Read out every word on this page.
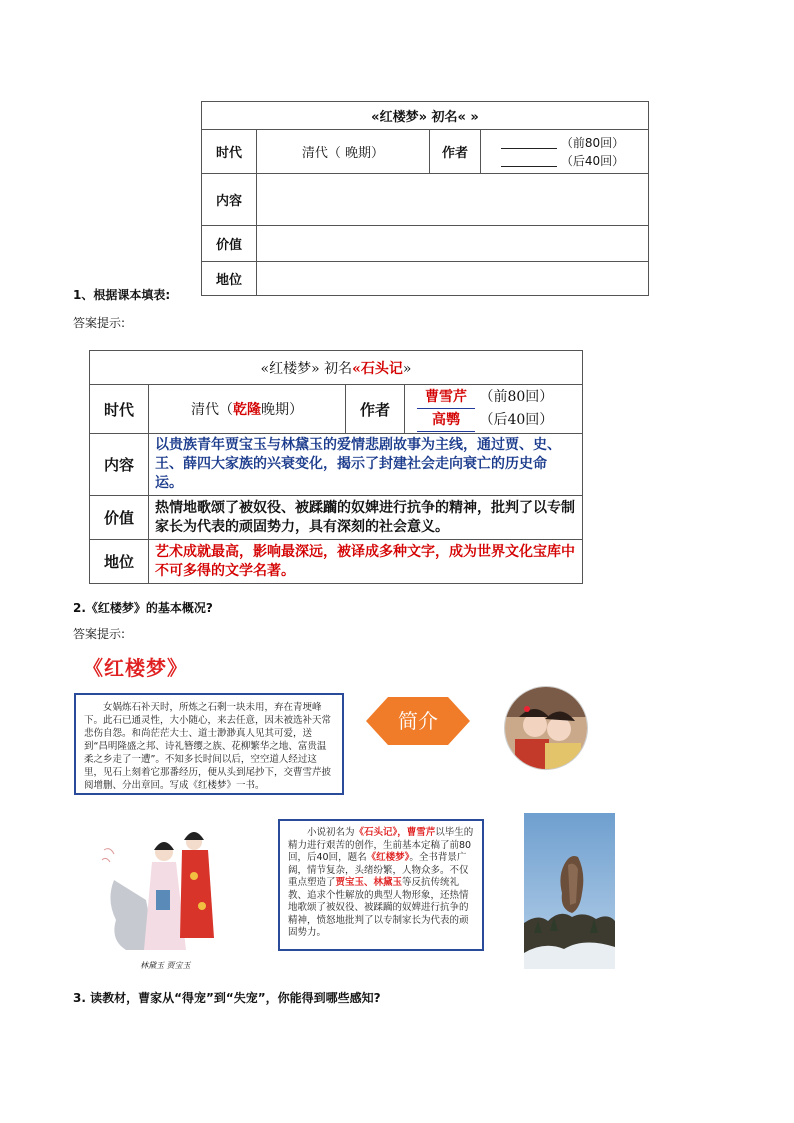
«红楼梦» 初名« »			
时代	清代（ 晚期）	作者	（前80回）
（后40回）
内容			
价值			
地位			
1、根据课本填表:
答案提示:
«红楼梦» 初名«石头记»			
时代	清代（乾隆晚期）	作者	曹雪芹 （前80回）
高鹗 （后40回）
内容	以贵族青年贾宝玉与林黛玉的爱情悲剧故事为主线，通过贾、史、王、薛四大家族的兴衰变化，揭示了封建社会走向衰亡的历史命运。		
价值	热情地歌颂了被奴役、被蹂躏的奴婢进行抗争的精神，批判了以专制家长为代表的顽固势力，具有深刻的社会意义。		
地位	艺术成就最高，影响最深远，被译成多种文字，成为世界文化宝库中不可多得的文学名著。		
2.《红楼梦》的基本概况?
答案提示:
《红楼梦》
女娲炼石补天时，所炼之石剩一块未用，弃在青埂峰下。此石已通灵性，大小随心，来去任意，因未被选补天常悲伤自怨。和尚茫茫大士、道士渺渺真人见其可爱，送到“昌明隆盛之邦、诗礼簪缨之族、花柳繁华之地、富贵温柔之乡走了一遭”。不知多长时间以后，空空道人经过这里，见石上刻着它那番经历，便从头到尾抄下，交曹雪芹披阅增删、分出章回。写成《红楼梦》一书。
简介
林黛玉 贾宝玉
小说初名为《石头记》，曹雪芹以毕生的精力进行艰苦的创作，生前基本定稿了前80回，后40回，题名《红楼梦》。全书背景广阔，情节复杂，头绪纷繁，人物众多。不仅重点塑造了贾宝玉、林黛玉等反抗传统礼教、追求个性解放的典型人物形象，还热情地歌颂了被奴役、被蹂躏的奴婢进行抗争的精神，愤怒地批判了以专制家长为代表的顽固势力。
3. 读教材，曹家从“得宠”到“失宠”，你能得到哪些感知?
